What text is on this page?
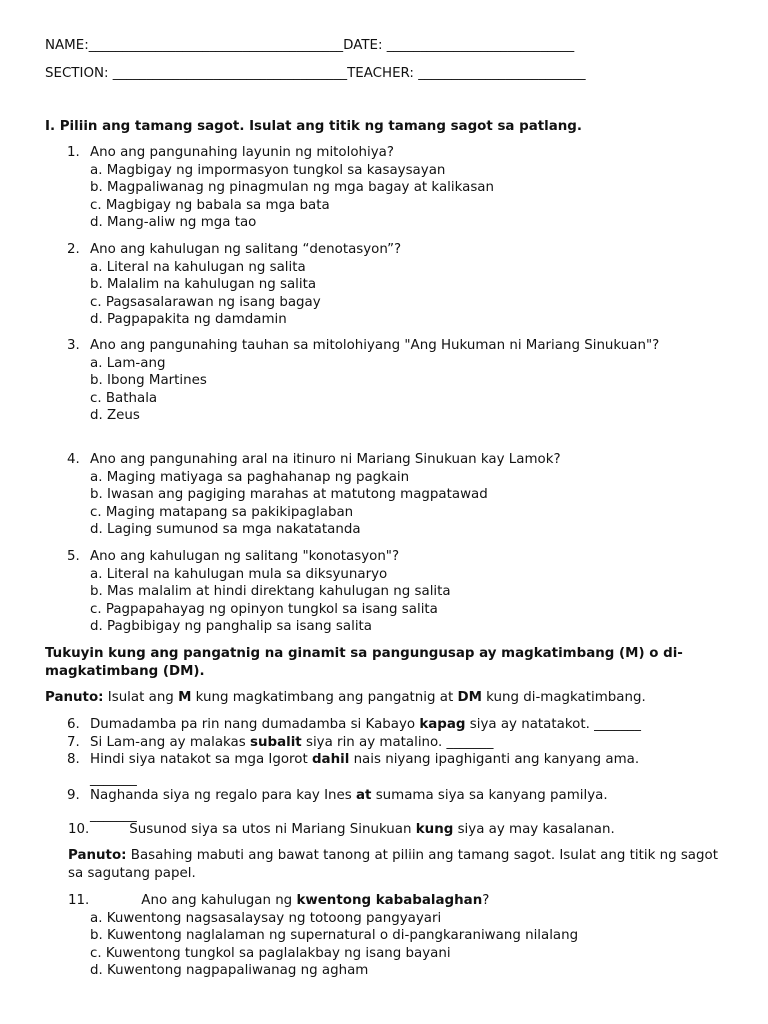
NAME:______________________________________DATE: ____________________________
SECTION: ___________________________________TEACHER: _________________________
I. Piliin ang tamang sagot. Isulat ang titik ng tamang sagot sa patlang.
1. Ano ang pangunahing layunin ng mitolohiya?
a. Magbigay ng impormasyon tungkol sa kasaysayan
b. Magpaliwanag ng pinagmulan ng mga bagay at kalikasan
c. Magbigay ng babala sa mga bata
d. Mang-aliw ng mga tao
2. Ano ang kahulugan ng salitang “denotasyon”?
a. Literal na kahulugan ng salita
b. Malalim na kahulugan ng salita
c. Pagsasalarawan ng isang bagay
d. Pagpapakita ng damdamin
3. Ano ang pangunahing tauhan sa mitolohiyang "Ang Hukuman ni Mariang Sinukuan"?
a. Lam-ang
b. Ibong Martines
c. Bathala
d. Zeus
4. Ano ang pangunahing aral na itinuro ni Mariang Sinukuan kay Lamok?
a. Maging matiyaga sa paghahanap ng pagkain
b. Iwasan ang pagiging marahas at matutong magpatawad
c. Maging matapang sa pakikipaglaban
d. Laging sumunod sa mga nakatatanda
5. Ano ang kahulugan ng salitang "konotasyon"?
a. Literal na kahulugan mula sa diksyunaryo
b. Mas malalim at hindi direktang kahulugan ng salita
c. Pagpapahayag ng opinyon tungkol sa isang salita
d. Pagbibigay ng panghalip sa isang salita
Tukuyin kung ang pangatnig na ginamit sa pangungusap ay magkatimbang (M) o di-magkatimbang (DM).
Panuto: Isulat ang M kung magkatimbang ang pangatnig at DM kung di-magkatimbang.
6. Dumadamba pa rin nang dumadamba si Kabayo kapag siya ay natatakot. _______
7. Si Lam-ang ay malakas subalit siya rin ay matalino. _______
8. Hindi siya natakot sa mga Igorot dahil nais niyang ipaghiganti ang kanyang ama.
_______
9. Naghanda siya ng regalo para kay Ines at sumama siya sa kanyang pamilya.
_______
10.	Susunod siya sa utos ni Mariang Sinukuan kung siya ay may kasalanan.
Panuto: Basahing mabuti ang bawat tanong at piliin ang tamang sagot. Isulat ang titik ng sagot sa sagutang papel.
11.	Ano ang kahulugan ng kwentong kababalaghan?
a. Kuwentong nagsasalaysay ng totoong pangyayari
b. Kuwentong naglalaman ng supernatural o di-pangkaraniwang nilalang
c. Kuwentong tungkol sa paglalakbay ng isang bayani
d. Kuwentong nagpapaliwanag ng agham
